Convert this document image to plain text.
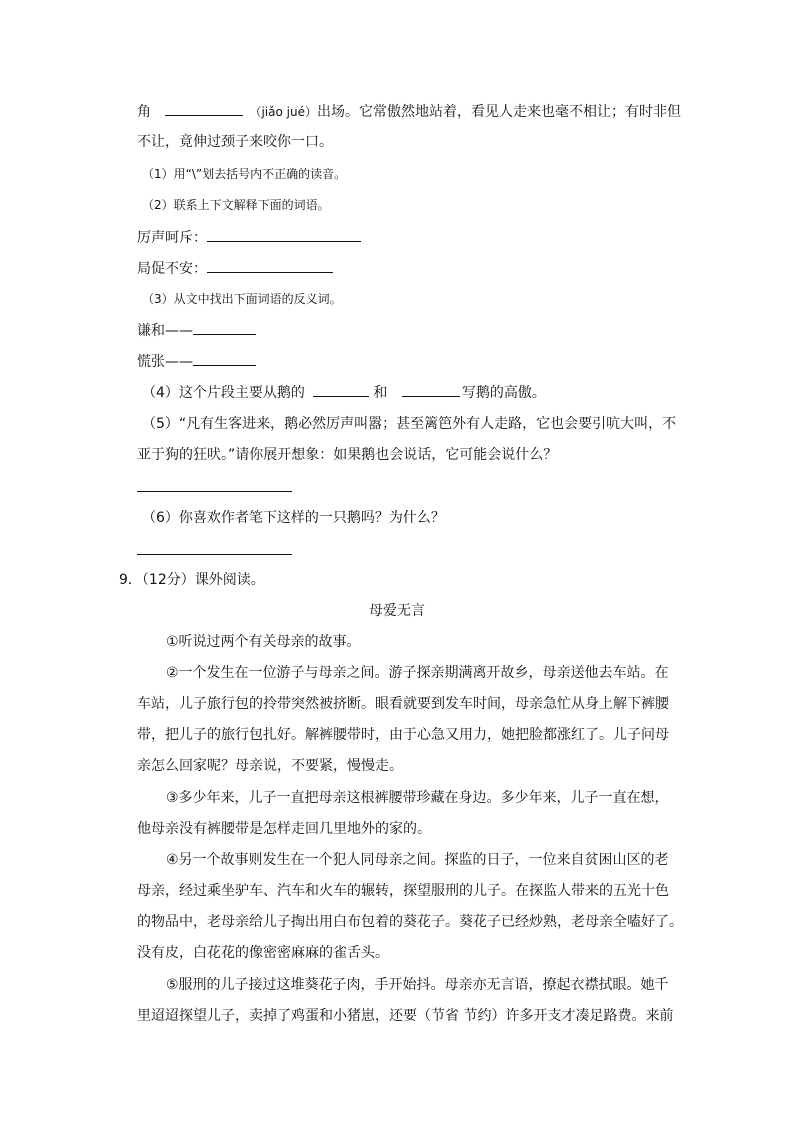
角	（jiǎo jué）出场。它常傲然地站着，看见人走来也毫不相让；有时非但
不让，竟伸过颈子来咬你一口。
（1）用“\”划去括号内不正确的读音。
（2）联系上下文解释下面的词语。
厉声呵斥：
局促不安：
（3）从文中找出下面词语的反义词。
谦和——
慌张——
（4）这个片段主要从鹅的	和	写鹅的高傲。
（5）“凡有生客进来，鹅必然厉声叫嚣；甚至篱笆外有人走路，它也会要引吭大叫，不
亚于狗的狂吠。”请你展开想象：如果鹅也会说话，它可能会说什么？
（6）你喜欢作者笔下这样的一只鹅吗？为什么？
9．（12分）课外阅读。
母爱无言
①听说过两个有关母亲的故事。
②一个发生在一位游子与母亲之间。游子探亲期满离开故乡，母亲送他去车站。在
车站，儿子旅行包的拎带突然被挤断。眼看就要到发车时间，母亲急忙从身上解下裤腰
带，把儿子的旅行包扎好。解裤腰带时，由于心急又用力，她把脸都涨红了。儿子问母
亲怎么回家呢？母亲说，不要紧，慢慢走。
③多少年来，儿子一直把母亲这根裤腰带珍藏在身边。多少年来，儿子一直在想，
他母亲没有裤腰带是怎样走回几里地外的家的。
④另一个故事则发生在一个犯人同母亲之间。探监的日子，一位来自贫困山区的老
母亲，经过乘坐驴车、汽车和火车的辗转，探望服刑的儿子。在探监人带来的五光十色
的物品中，老母亲给儿子掏出用白布包着的葵花子。葵花子已经炒熟，老母亲全嗑好了。
没有皮，白花花的像密密麻麻的雀舌头。
⑤服刑的儿子接过这堆葵花子肉，手开始抖。母亲亦无言语，撩起衣襟拭眼。她千
里迢迢探望儿子，卖掉了鸡蛋和小猪崽，还要（节省 节约）许多开支才凑足路费。来前
